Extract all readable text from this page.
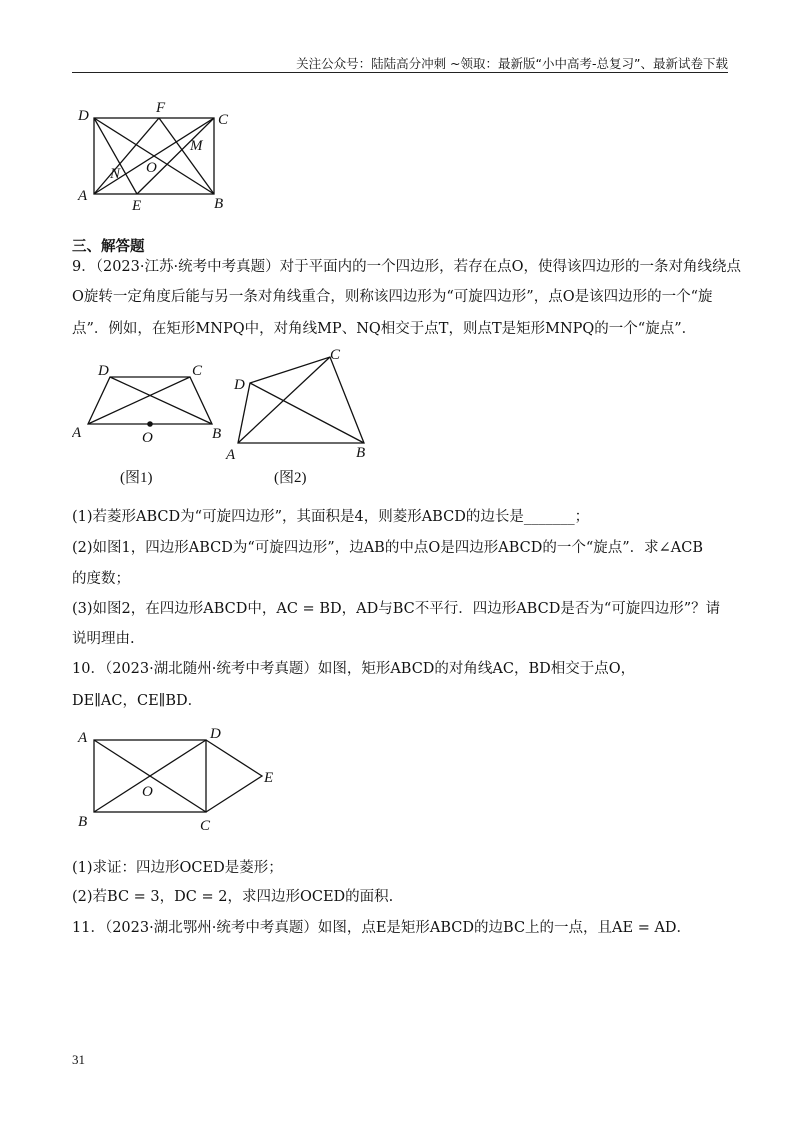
关注公众号：陆陆高分冲刺 ~领取：最新版“小中高考-总复习”、最新试卷下载
D	F
C
M
O
N
A
E	B
三、解答题
9．（2023·江苏·统考中考真题）对于平面内的一个四边形，若存在点O，使得该四边形的一条对角线绕点
O旋转一定角度后能与另一条对角线重合，则称该四边形为“可旋四边形”，点O是该四边形的一个“旋
点”．例如，在矩形MNPQ中，对角线MP、NQ相交于点T，则点T是矩形MNPQ的一个“旋点”．
D	C
A	O	B
(图1)
D
C
A	B
(图2)
(1)若菱形ABCD为“可旋四边形”，其面积是4，则菱形ABCD的边长是_______；
(2)如图1，四边形ABCD为“可旋四边形”，边AB的中点O是四边形ABCD的一个“旋点”．求∠ACB
的度数；
(3)如图2，在四边形ABCD中，AC = BD，AD与BC不平行．四边形ABCD是否为“可旋四边形”？请
说明理由.
10．（2023·湖北随州·统考中考真题）如图，矩形ABCD的对角线AC，BD相交于点O，
DE∥AC，CE∥BD．
A	D
E
O
B	C
(1)求证：四边形OCED是菱形；
(2)若BC = 3，DC = 2，求四边形OCED的面积.
11．（2023·湖北鄂州·统考中考真题）如图，点E是矩形ABCD的边BC上的一点，且AE = AD．
31
